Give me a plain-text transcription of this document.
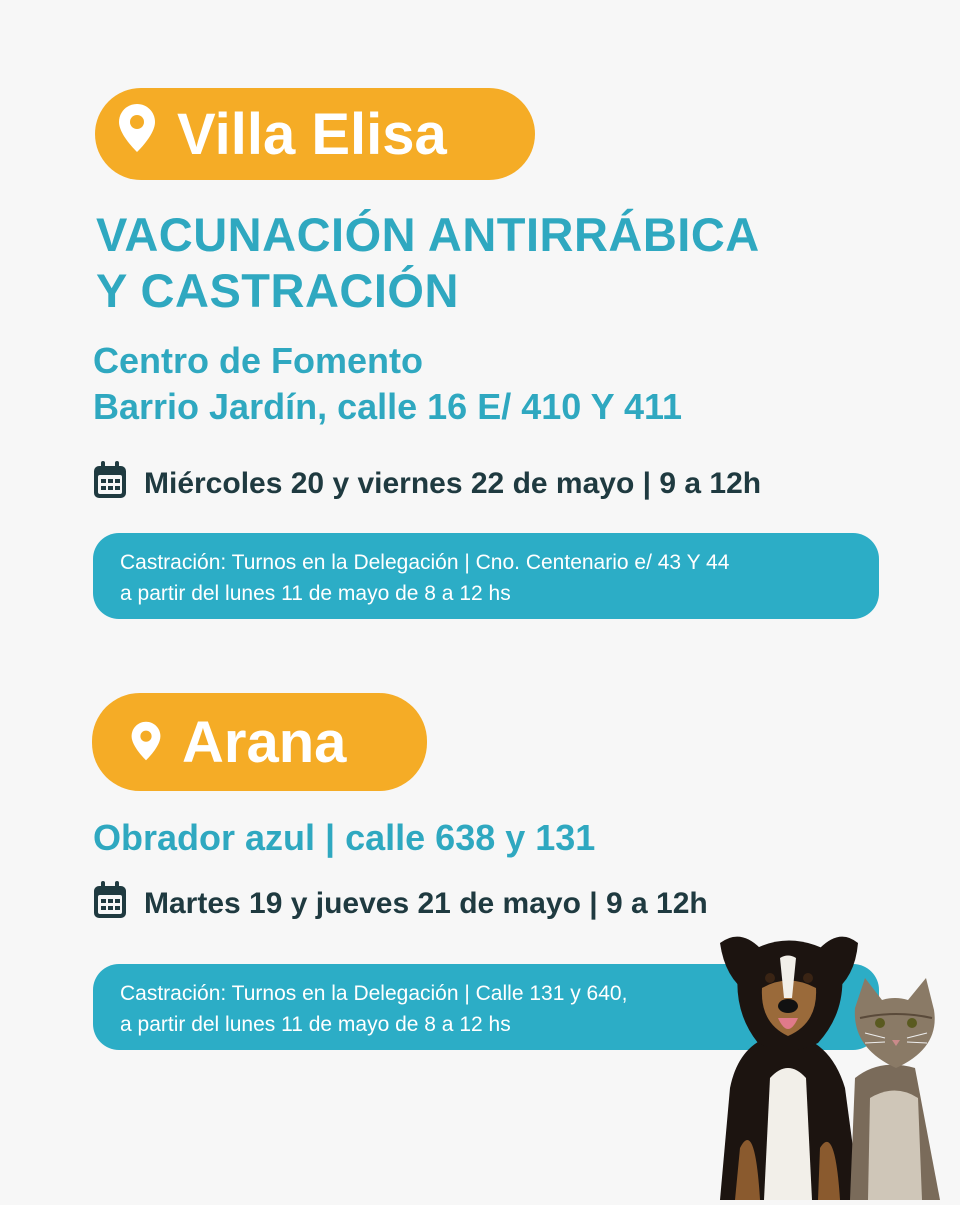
Villa Elisa
VACUNACIÓN ANTIRRÁBICA
Y CASTRACIÓN
Centro de Fomento
Barrio Jardín, calle 16 E/ 410 Y 411
Miércoles 20 y viernes 22 de mayo | 9 a 12h
Castración: Turnos en la Delegación | Cno. Centenario e/ 43 Y 44
a partir del lunes 11 de mayo de 8 a 12 hs
Arana
Obrador azul | calle 638 y 131
Martes 19 y jueves 21 de mayo | 9 a 12h
Castración: Turnos en la Delegación | Calle 131 y 640,
a partir del lunes 11 de mayo de 8 a 12 hs
